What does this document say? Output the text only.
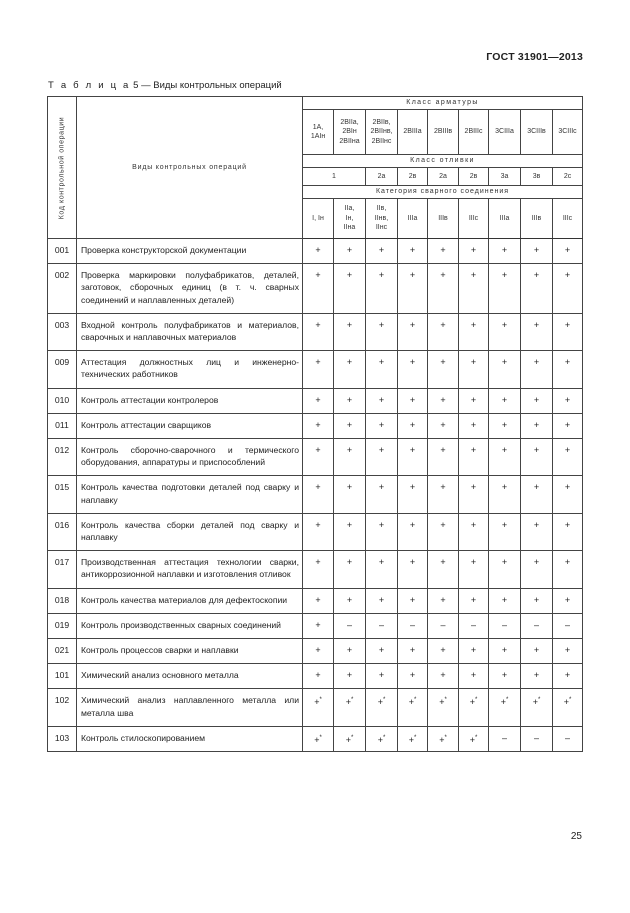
ГОСТ 31901—2013
Т а б л и ц а 5 — Виды контрольных операций
Код контрольной операции	Виды контрольных операций	Класс арматуры								
		1А,
1АIн	2BIIа,
2BIн
2BIIна	2BIIв,
2BIIнв,
2BIIнс	2BIIIа	2BIIIв	2BIIIc	3CIIIа	3CIIIв	3CIIIc
		Класс отливки								
		1		2а	2в	2а	2в	3а	3в	2с
		Категория сварного соединения								
		I, Iн	IIа,
Iн,
IIна	IIв,
IIнв,
IIнс	IIIа	IIIв	IIIc	IIIа	IIIв	IIIc
001	Проверка конструкторской документации	+	+	+	+	+	+	+	+	+
002	Проверка маркировки полуфабрикатов, деталей, заготовок, сборочных единиц (в т. ч. сварных соединений и наплавленных деталей)	+	+	+	+	+	+	+	+	+
003	Входной контроль полуфабрикатов и материалов, сварочных и наплавочных материалов	+	+	+	+	+	+	+	+	+
009	Аттестация должностных лиц и инженерно-технических работников	+	+	+	+	+	+	+	+	+
010	Контроль аттестации контролеров	+	+	+	+	+	+	+	+	+
011	Контроль аттестации сварщиков	+	+	+	+	+	+	+	+	+
012	Контроль сборочно-сварочного и термического оборудования, аппаратуры и приспособлений	+	+	+	+	+	+	+	+	+
015	Контроль качества подготовки деталей под сварку и наплавку	+	+	+	+	+	+	+	+	+
016	Контроль качества сборки деталей под сварку и наплавку	+	+	+	+	+	+	+	+	+
017	Производственная аттестация технологии сварки, антикоррозионной наплавки и изготовления отливок	+	+	+	+	+	+	+	+	+
018	Контроль качества материалов для дефектоскопии	+	+	+	+	+	+	+	+	+
019	Контроль производственных сварных соединений	+	–	–	–	–	–	–	–	–
021	Контроль процессов сварки и наплавки	+	+	+	+	+	+	+	+	+
101	Химический анализ основного металла	+	+	+	+	+	+	+	+	+
102	Химический анализ наплавленного металла или металла шва	+*	+*	+*	+*	+*	+*	+*	+*	+*
103	Контроль стилоскопированием	+*	+*	+*	+*	+*	+*	–	–	–
25
